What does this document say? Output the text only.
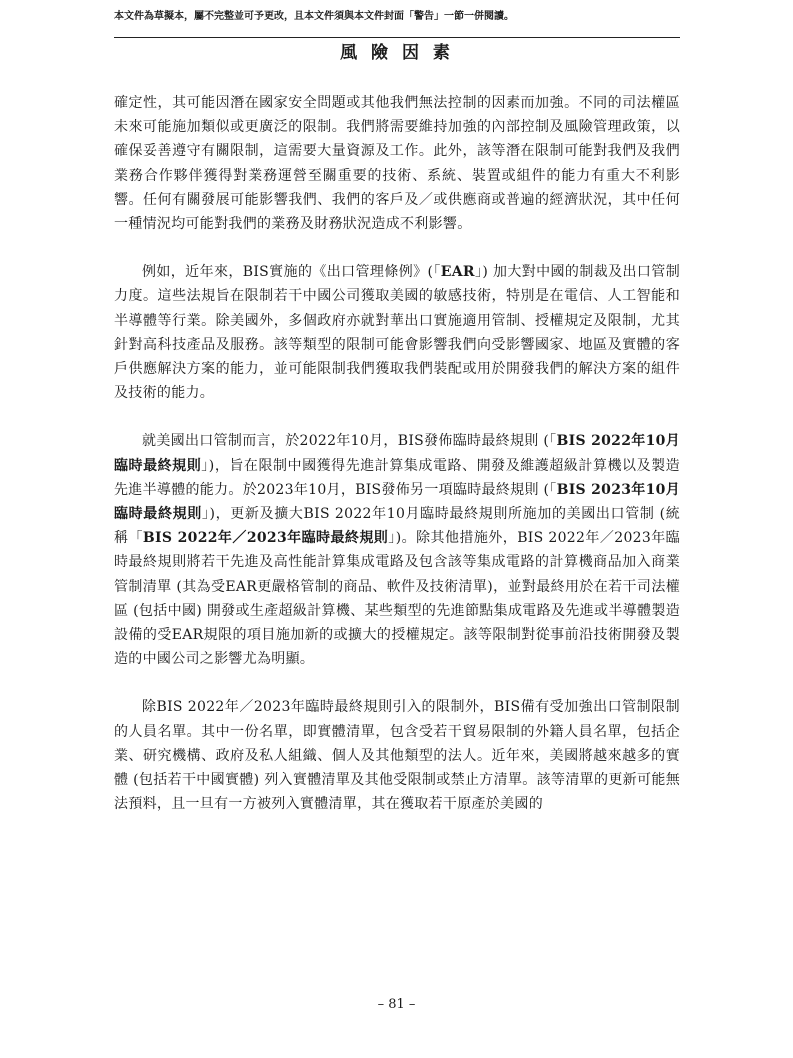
本文件為草擬本，屬不完整並可予更改，且本文件須與本文件封面「警告」一節一併閱讀。
風 險 因 素

確定性，其可能因潛在國家安全問題或其他我們無法控制的因素而加強。不同的司法權區未來可能施加類似或更廣泛的限制。我們將需要維持加強的內部控制及風險管理政策，以確保妥善遵守有關限制，這需要大量資源及工作。此外，該等潛在限制可能對我們及我們業務合作夥伴獲得對業務運營至關重要的技術、系統、裝置或組件的能力有重大不利影響。任何有關發展可能影響我們、我們的客戶及／或供應商或普遍的經濟狀況，其中任何一種情況均可能對我們的業務及財務狀況造成不利影響。

例如，近年來，BIS實施的《出口管理條例》(「EAR」) 加大對中國的制裁及出口管制力度。這些法規旨在限制若干中國公司獲取美國的敏感技術，特別是在電信、人工智能和半導體等行業。除美國外，多個政府亦就對華出口實施適用管制、授權規定及限制，尤其針對高科技產品及服務。該等類型的限制可能會影響我們向受影響國家、地區及實體的客戶供應解決方案的能力，並可能限制我們獲取我們裝配或用於開發我們的解決方案的組件及技術的能力。

就美國出口管制而言，於2022年10月，BIS發佈臨時最終規則 (「BIS 2022年10月臨時最終規則」)，旨在限制中國獲得先進計算集成電路、開發及維護超級計算機以及製造先進半導體的能力。於2023年10月，BIS發佈另一項臨時最終規則 (「BIS 2023年10月臨時最終規則」)，更新及擴大BIS 2022年10月臨時最終規則所施加的美國出口管制 (統稱「BIS 2022年／2023年臨時最終規則」)。除其他措施外，BIS 2022年／2023年臨時最終規則將若干先進及高性能計算集成電路及包含該等集成電路的計算機商品加入商業管制清單 (其為受EAR更嚴格管制的商品、軟件及技術清單)，並對最終用於在若干司法權區 (包括中國) 開發或生產超級計算機、某些類型的先進節點集成電路及先進或半導體製造設備的受EAR規限的項目施加新的或擴大的授權規定。該等限制對從事前沿技術開發及製造的中國公司之影響尤為明顯。

除BIS 2022年／2023年臨時最終規則引入的限制外，BIS備有受加強出口管制限制的人員名單。其中一份名單，即實體清單，包含受若干貿易限制的外籍人員名單，包括企業、研究機構、政府及私人組織、個人及其他類型的法人。近年來，美國將越來越多的實體 (包括若干中國實體) 列入實體清單及其他受限制或禁止方清單。該等清單的更新可能無法預料，且一旦有一方被列入實體清單，其在獲取若干原產於美國的

– 81 –
